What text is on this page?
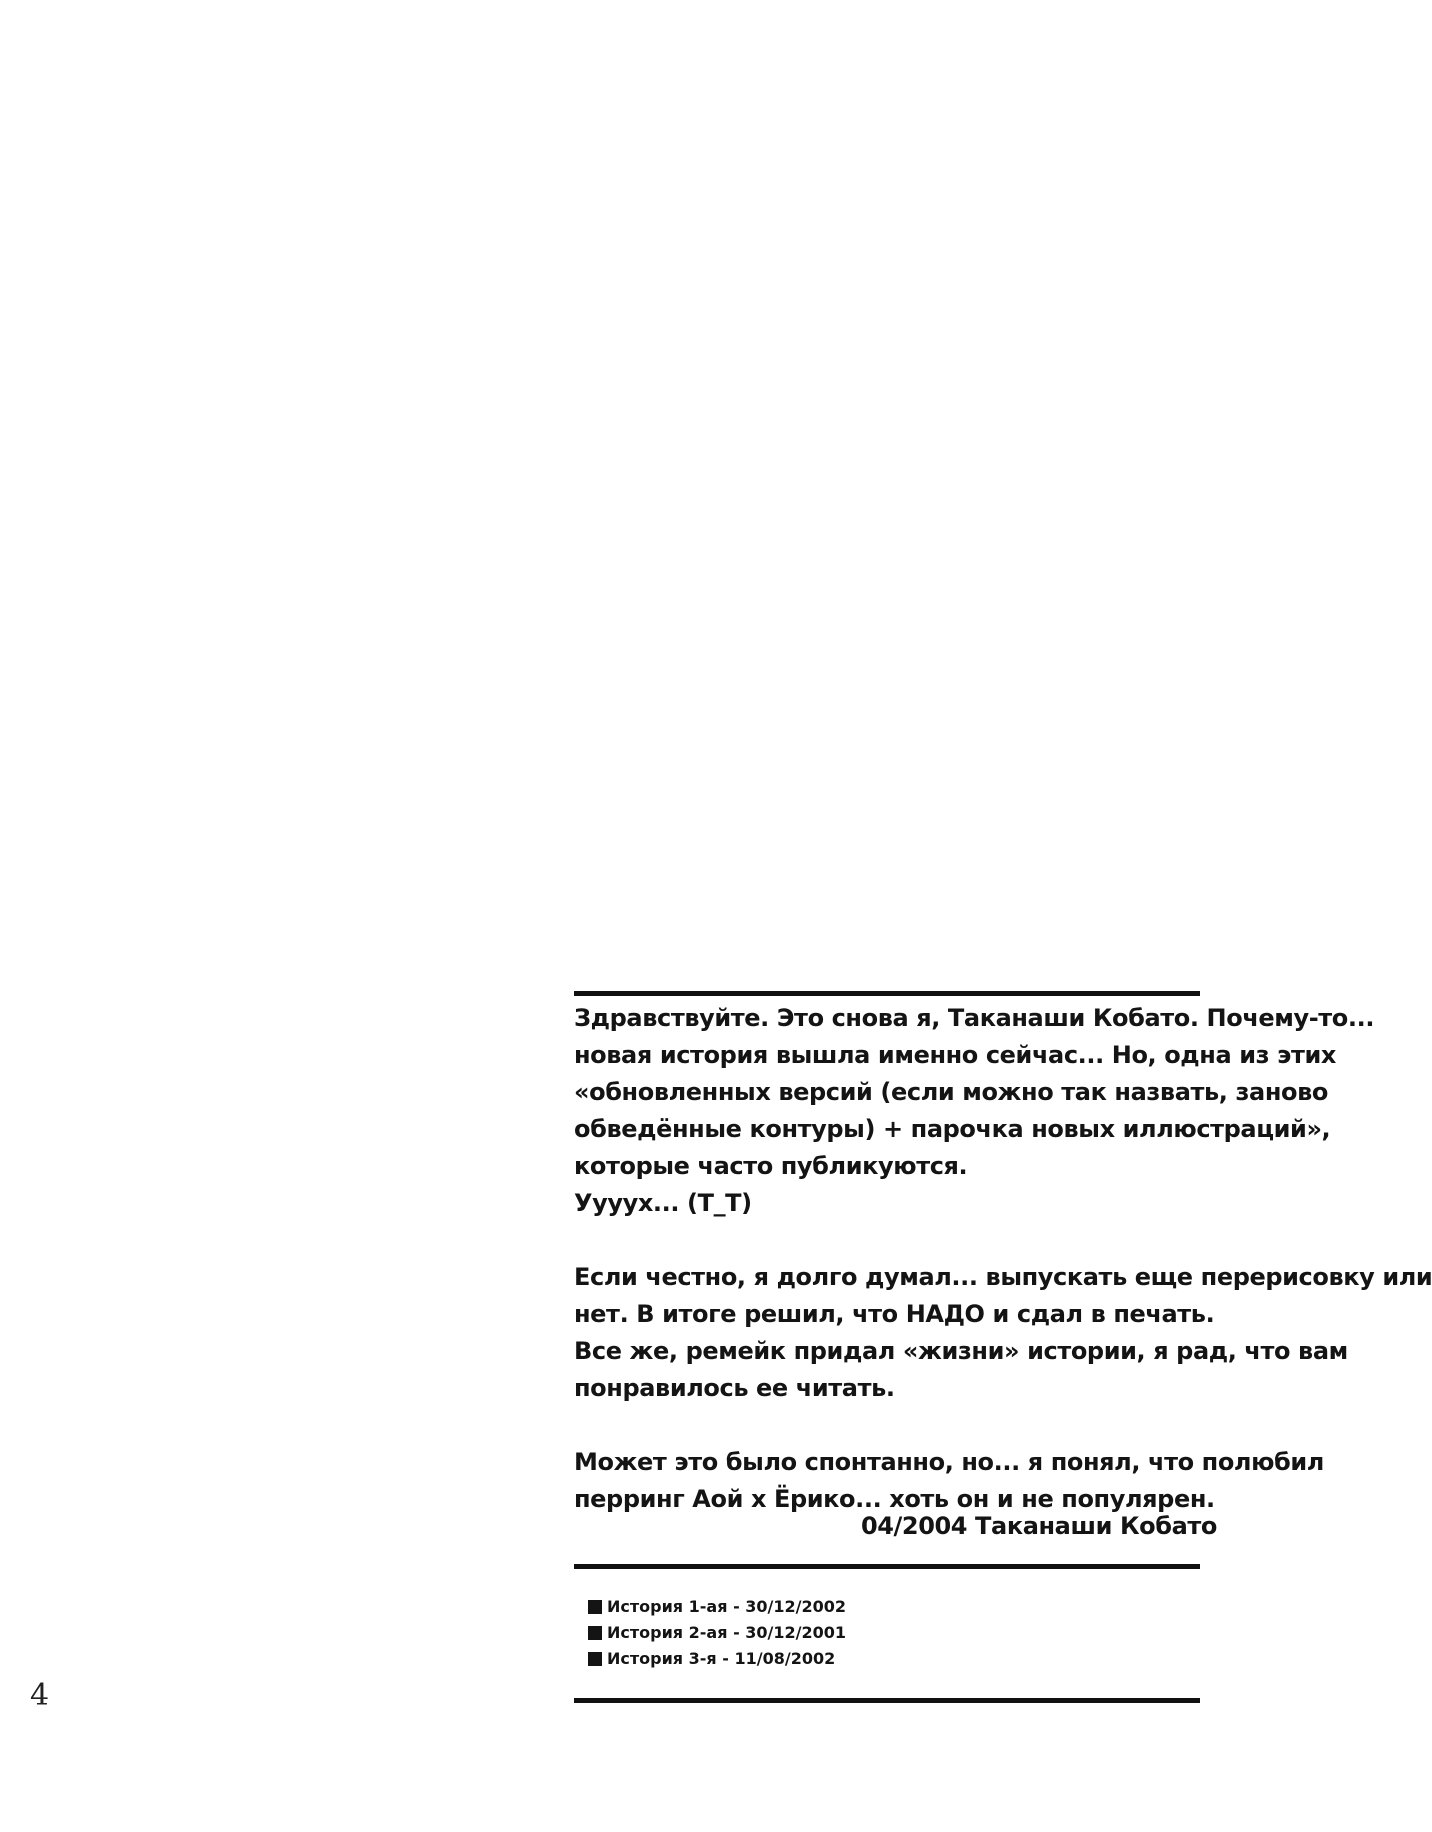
Здравствуйте. Это снова я, Таканаши Кобато. Почему-то...
новая история вышла именно сейчас... Но, одна из этих
«обновленных версий (если можно так назвать, заново
обведённые контуры) + парочка новых иллюстраций»,
которые часто публикуются.
Уууух... (T_T)
Если честно, я долго думал... выпускать еще перерисовку или
нет. В итоге решил, что НАДО и сдал в печать.
Все же, ремейк придал «жизни» истории, я рад, что вам
понравилось ее читать.
Может это было спонтанно, но... я понял, что полюбил
перринг Аой x Ёрико... хоть он и не популярен.
04/2004 Таканаши Кобато
История 1-ая - 30/12/2002
История 2-ая - 30/12/2001
История 3-я - 11/08/2002
4
